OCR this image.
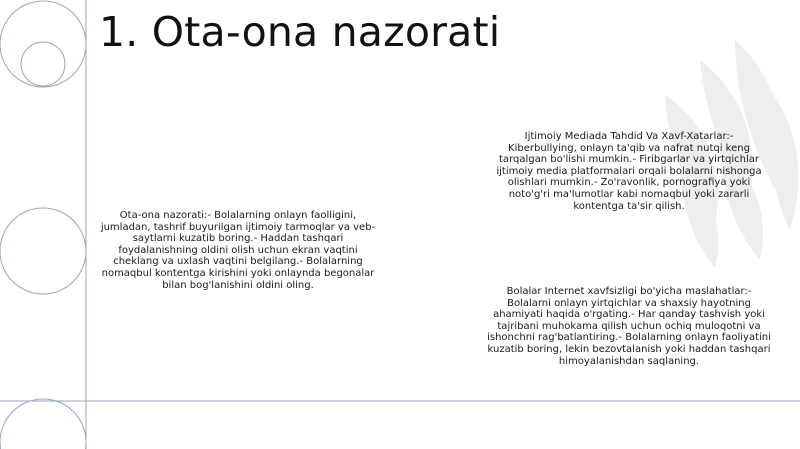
1. Ota-ona nazorati
Ota-ona nazorati:- Bolalarning onlayn faolligini, jumladan, tashrif buyurilgan ijtimoiy tarmoqlar va veb-saytlarni kuzatib boring.- Haddan tashqari foydalanishning oldini olish uchun ekran vaqtini cheklang va uxlash vaqtini belgilang.- Bolalarning nomaqbul kontentga kirishini yoki onlaynda begonalar bilan bog'lanishini oldini oling.
Ijtimoiy Mediada Tahdid Va Xavf-Xatarlar:- Kiberbullying, onlayn ta'qib va nafrat nutqi keng tarqalgan bo'lishi mumkin.- Firibgarlar va yirtqichlar ijtimoiy media platformalari orqali bolalarni nishonga olishlari mumkin.- Zo'ravonlik, pornografiya yoki noto'g'ri ma'lumotlar kabi nomaqbul yoki zararli kontentga ta'sir qilish.
Bolalar Internet xavfsizligi bo'yicha maslahatlar:- Bolalarni onlayn yirtqichlar va shaxsiy hayotning ahamiyati haqida o'rgating.- Har qanday tashvish yoki tajribani muhokama qilish uchun ochiq muloqotni va ishonchni rag'batlantiring.- Bolalarning onlayn faoliyatini kuzatib boring, lekin bezovtalanish yoki haddan tashqari himoyalanishdan saqlaning.
